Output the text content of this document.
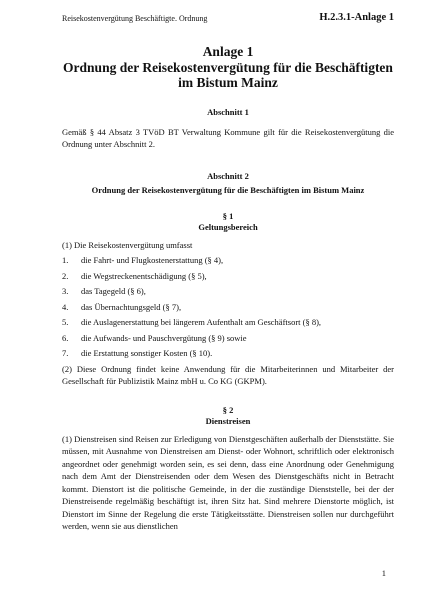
Reisekostenvergütung Beschäftigte. Ordnung	H.2.3.1-Anlage 1
Anlage 1
Ordnung der Reisekostenvergütung für die Beschäftigten
im Bistum Mainz
Abschnitt 1

Gemäß § 44 Absatz 3 TVöD BT Verwaltung Kommune gilt für die Reisekostenvergütung die Ordnung unter Abschnitt 2.

Abschnitt 2
Ordnung der Reisekostenvergütung für die Beschäftigten im Bistum Mainz
§ 1
Geltungsbereich

(1) Die Reisekostenvergütung umfasst

1. die Fahrt- und Flugkostenerstattung (§ 4),
2. die Wegstreckenentschädigung (§ 5),
3. das Tagegeld (§ 6),
4. das Übernachtungsgeld (§ 7),
5. die Auslagenerstattung bei längerem Aufenthalt am Geschäftsort (§ 8),
6. die Aufwands- und Pauschvergütung (§ 9) sowie
7. die Erstattung sonstiger Kosten (§ 10).

(2) Diese Ordnung findet keine Anwendung für die Mitarbeiterinnen und Mitarbeiter der Gesellschaft für Publizistik Mainz mbH u. Co KG (GKPM).

§ 2
Dienstreisen

(1) Dienstreisen sind Reisen zur Erledigung von Dienstgeschäften außerhalb der Dienststätte. Sie müssen, mit Ausnahme von Dienstreisen am Dienst- oder Wohnort, schriftlich oder elektronisch angeordnet oder genehmigt worden sein, es sei denn, dass eine Anordnung oder Genehmigung nach dem Amt der Dienstreisenden oder dem Wesen des Dienstgeschäfts nicht in Betracht kommt. Dienstort ist die politische Gemeinde, in der die zuständige Dienststelle, bei der der Dienstreisende regelmäßig beschäftigt ist, ihren Sitz hat. Sind mehrere Dienstorte möglich, ist Dienstort im Sinne der Regelung die erste Tätigkeitsstätte. Dienstreisen sollen nur durchgeführt werden, wenn sie aus dienstlichen

1
